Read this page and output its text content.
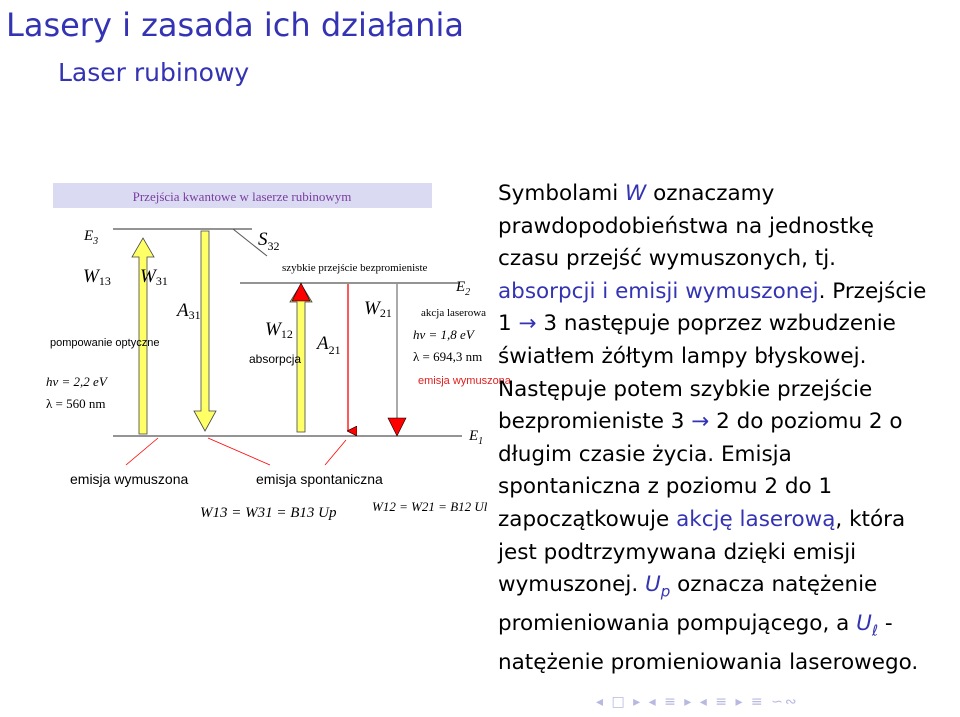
Lasery i zasada ich działania
Laser rubinowy
Przejścia kwantowe w laserze rubinowym
$E_3$
$E_2$
$E_1$
W13 W31
A31
$S_{32}$
szybkie przejście bezpromieniste
W12
absorpcja
$A_{21}$
W21	akcja laserowa
hν = 1,8 eV
λ = 694,3 nm
emisja wymuszona
pompowanie optyczne
hν = 2,2 eV
λ = 560 nm
emisja wymuszona	emisja spontaniczna
W13 = W31 = B13 Up	W12 = W21 = B12 Ul
Symbolami W oznaczamy prawdopodobieństwa na jednostkę czasu przejść wymuszonych, tj. absorpcji i emisji wymuszonej. Przejście 1 → 3 następuje poprzez wzbudzenie światłem żółtym lampy błyskowej. Następuje potem szybkie przejście bezpromieniste 3 → 2 do poziomu 2 o długim czasie życia. Emisja spontaniczna z poziomu 2 do 1 zapoczątkowuje akcję laserową, która jest podtrzymywana dzięki emisji wymuszonej. $U_p$ oznacza natężenie promieniowania pompującego, a $U_\ell$ - natężenie promieniowania laserowego.
◂ □ ▸ ◂ ≡ ▸ ◂ ≡ ▸ ≡ ∽∾
